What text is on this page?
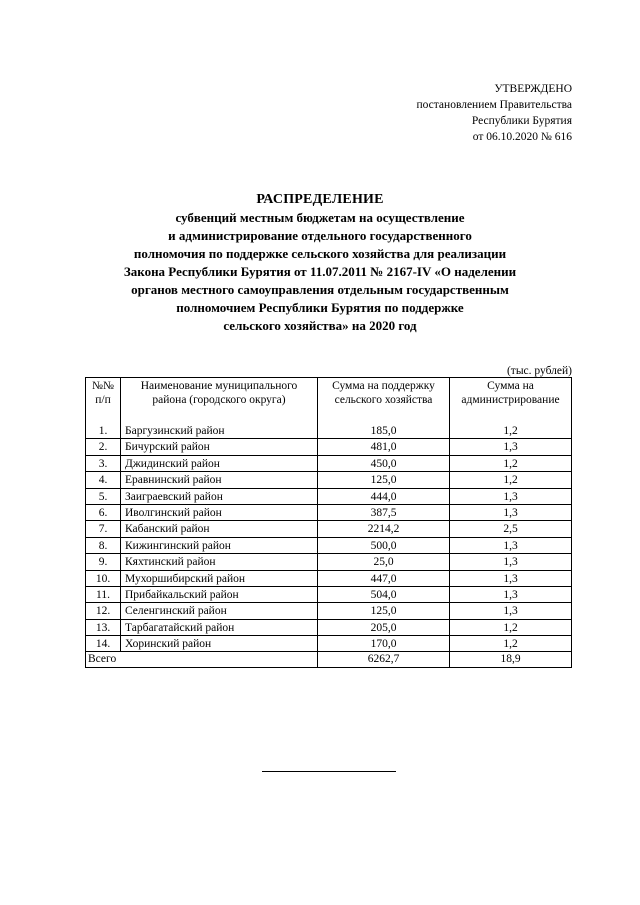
УТВЕРЖДЕНО
постановлением Правительства
Республики Бурятия
от 06.10.2020 № 616
РАСПРЕДЕЛЕНИЕ
субвенций местным бюджетам на осуществление
и администрирование отдельного государственного
полномочия по поддержке сельского хозяйства для реализации
Закона Республики Бурятия от 11.07.2011 № 2167-IV «О наделении
органов местного самоуправления отдельным государственным
полномочием Республики Бурятия по поддержке
сельского хозяйства» на 2020 год
(тыс. рублей)
№№ п/п	Наименование муниципального района (городского округа)	Сумма на поддержку сельского хозяйства	Сумма на администрирование
1.	Баргузинский район	185,0	1,2
2.	Бичурский район	481,0	1,3
3.	Джидинский район	450,0	1,2
4.	Еравнинский район	125,0	1,2
5.	Заиграевский район	444,0	1,3
6.	Иволгинский район	387,5	1,3
7.	Кабанский район	2214,2	2,5
8.	Кижингинский район	500,0	1,3
9.	Кяхтинский район	25,0	1,3
10.	Мухоршибирский район	447,0	1,3
11.	Прибайкальский район	504,0	1,3
12.	Селенгинский район	125,0	1,3
13.	Тарбагатайский район	205,0	1,2
14.	Хоринский район	170,0	1,2
Всего		6262,7	18,9
